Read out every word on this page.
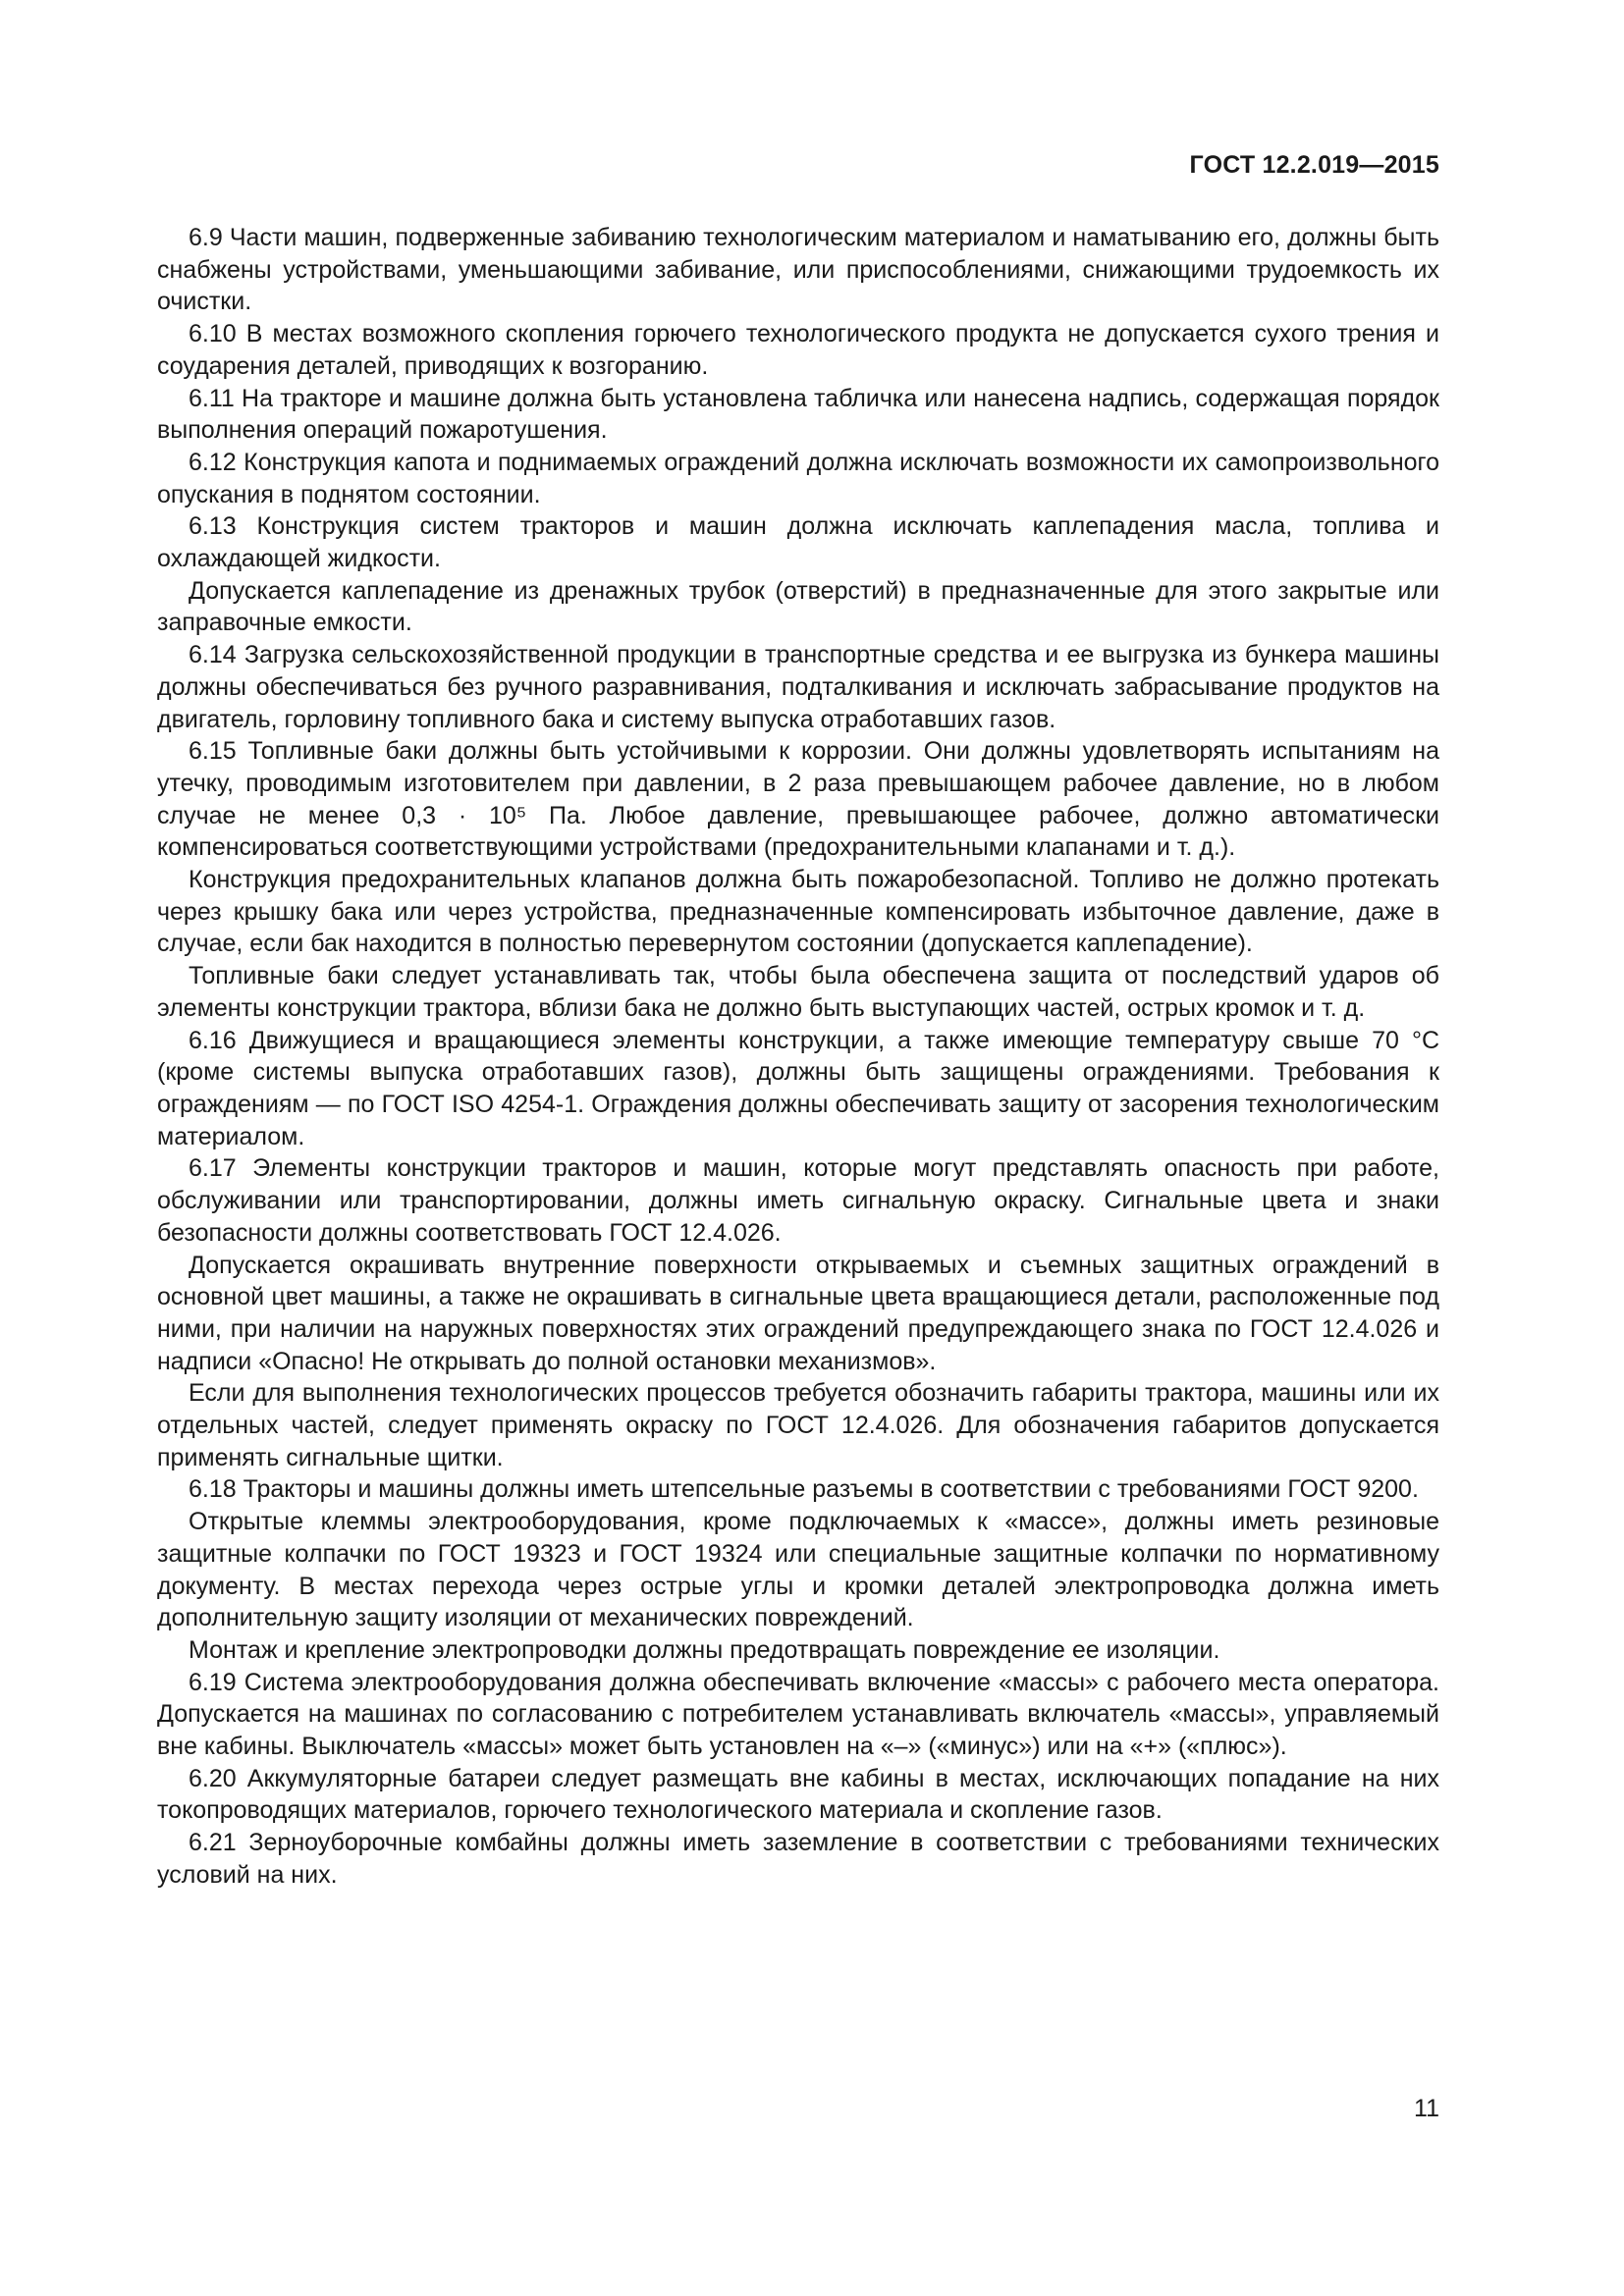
ГОСТ 12.2.019—2015

6.9 Части машин, подверженные забиванию технологическим материалом и наматыванию его, должны быть снабжены устройствами, уменьшающими забивание, или приспособлениями, снижающими трудоемкость их очистки.

6.10 В местах возможного скопления горючего технологического продукта не допускается сухого трения и соударения деталей, приводящих к возгоранию.

6.11 На тракторе и машине должна быть установлена табличка или нанесена надпись, содержащая порядок выполнения операций пожаротушения.

6.12 Конструкция капота и поднимаемых ограждений должна исключать возможности их самопроизвольного опускания в поднятом состоянии.

6.13 Конструкция систем тракторов и машин должна исключать каплепадения масла, топлива и охлаждающей жидкости.

Допускается каплепадение из дренажных трубок (отверстий) в предназначенные для этого закрытые или заправочные емкости.

6.14 Загрузка сельскохозяйственной продукции в транспортные средства и ее выгрузка из бункера машины должны обеспечиваться без ручного разравнивания, подталкивания и исключать забрасывание продуктов на двигатель, горловину топливного бака и систему выпуска отработавших газов.

6.15 Топливные баки должны быть устойчивыми к коррозии. Они должны удовлетворять испытаниям на утечку, проводимым изготовителем при давлении, в 2 раза превышающем рабочее давление, но в любом случае не менее 0,3 · 10⁵ Па. Любое давление, превышающее рабочее, должно автоматически компенсироваться соответствующими устройствами (предохранительными клапанами и т. д.).

Конструкция предохранительных клапанов должна быть пожаробезопасной. Топливо не должно протекать через крышку бака или через устройства, предназначенные компенсировать избыточное давление, даже в случае, если бак находится в полностью перевернутом состоянии (допускается каплепадение).

Топливные баки следует устанавливать так, чтобы была обеспечена защита от последствий ударов об элементы конструкции трактора, вблизи бака не должно быть выступающих частей, острых кромок и т. д.

6.16 Движущиеся и вращающиеся элементы конструкции, а также имеющие температуру свыше 70 °С (кроме системы выпуска отработавших газов), должны быть защищены ограждениями. Требования к ограждениям — по ГОСТ ISO 4254-1. Ограждения должны обеспечивать защиту от засорения технологическим материалом.

6.17 Элементы конструкции тракторов и машин, которые могут представлять опасность при работе, обслуживании или транспортировании, должны иметь сигнальную окраску. Сигнальные цвета и знаки безопасности должны соответствовать ГОСТ 12.4.026.

Допускается окрашивать внутренние поверхности открываемых и съемных защитных ограждений в основной цвет машины, а также не окрашивать в сигнальные цвета вращающиеся детали, расположенные под ними, при наличии на наружных поверхностях этих ограждений предупреждающего знака по ГОСТ 12.4.026 и надписи «Опасно! Не открывать до полной остановки механизмов».

Если для выполнения технологических процессов требуется обозначить габариты трактора, машины или их отдельных частей, следует применять окраску по ГОСТ 12.4.026. Для обозначения габаритов допускается применять сигнальные щитки.

6.18 Тракторы и машины должны иметь штепсельные разъемы в соответствии с требованиями ГОСТ 9200.

Открытые клеммы электрооборудования, кроме подключаемых к «массе», должны иметь резиновые защитные колпачки по ГОСТ 19323 и ГОСТ 19324 или специальные защитные колпачки по нормативному документу. В местах перехода через острые углы и кромки деталей электропроводка должна иметь дополнительную защиту изоляции от механических повреждений.

Монтаж и крепление электропроводки должны предотвращать повреждение ее изоляции.

6.19 Система электрооборудования должна обеспечивать включение «массы» с рабочего места оператора. Допускается на машинах по согласованию с потребителем устанавливать включатель «массы», управляемый вне кабины. Выключатель «массы» может быть установлен на «–» («минус») или на «+» («плюс»).

6.20 Аккумуляторные батареи следует размещать вне кабины в местах, исключающих попадание на них токопроводящих материалов, горючего технологического материала и скопление газов.

6.21 Зерноуборочные комбайны должны иметь заземление в соответствии с требованиями технических условий на них.

11
